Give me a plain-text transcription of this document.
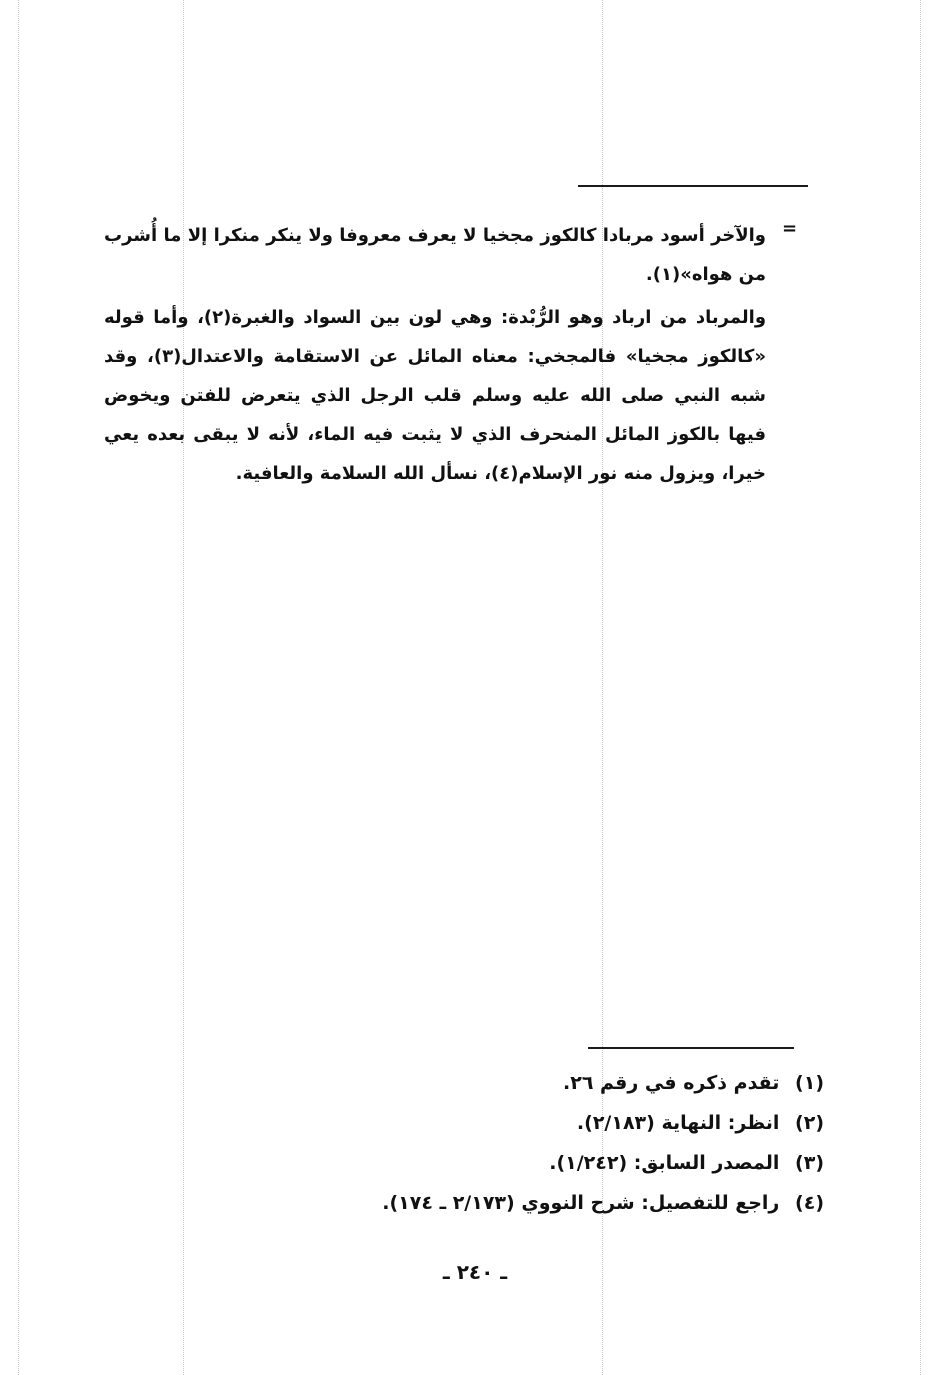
=

والآخر أسود مربادا كالكوز مجخيا لا يعرف معروفا ولا ينكر منكرا إلا ما أُشرب من هواه»(١).

والمرباد من ارباد وهو الرُّبْدة: وهي لون بين السواد والغبرة(٢)، وأما قوله «كالكوز مجخيا» فالمجخي: معناه المائل عن الاستقامة والاعتدال(٣)، وقد شبه النبي صلى الله عليه وسلم قلب الرجل الذي يتعرض للفتن ويخوض فيها بالكوز المائل المنحرف الذي لا يثبت فيه الماء، لأنه لا يبقى بعده يعي خيرا، ويزول منه نور الإسلام(٤)، نسأل الله السلامة والعافية.

(١) تقدم ذكره في رقم ٢٦.
(٢) انظر: النهاية (٢/١٨٣).
(٣) المصدر السابق: (١/٢٤٢).
(٤) راجع للتفصيل: شرح النووي (٢/١٧٣ ـ ١٧٤).
ـ ٢٤٠ ـ
